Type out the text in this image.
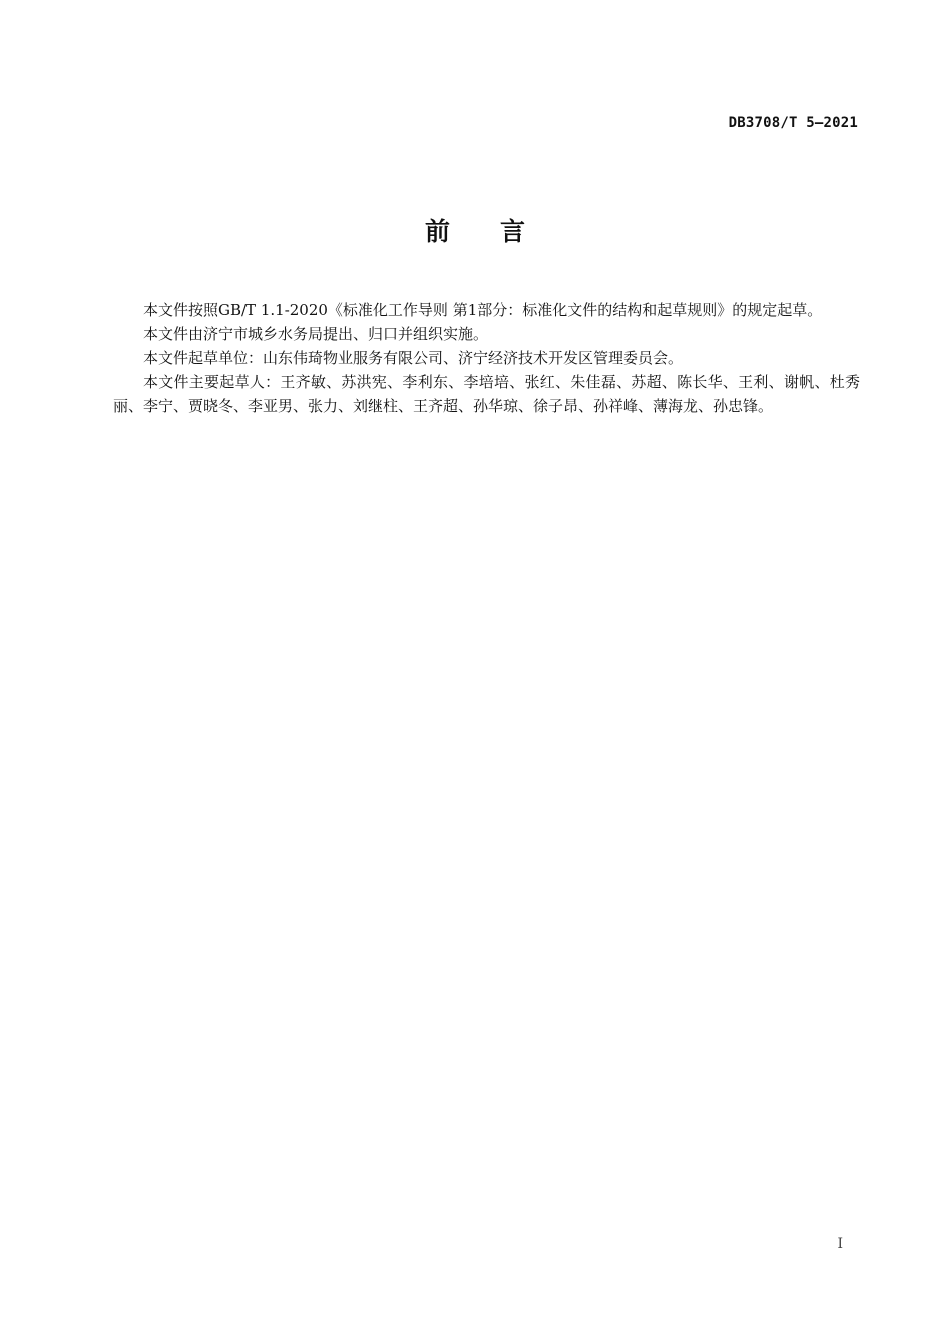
DB3708/T 5—2021
前言

本文件按照GB/T 1.1-2020《标准化工作导则 第1部分：标准化文件的结构和起草规则》的规定起草。

本文件由济宁市城乡水务局提出、归口并组织实施。

本文件起草单位：山东伟琦物业服务有限公司、济宁经济技术开发区管理委员会。

本文件主要起草人：王齐敏、苏洪宪、李利东、李培培、张红、朱佳磊、苏超、陈长华、王利、谢帆、杜秀丽、李宁、贾晓冬、李亚男、张力、刘继柱、王齐超、孙华琼、徐子昂、孙祥峰、薄海龙、孙忠锋。

I
